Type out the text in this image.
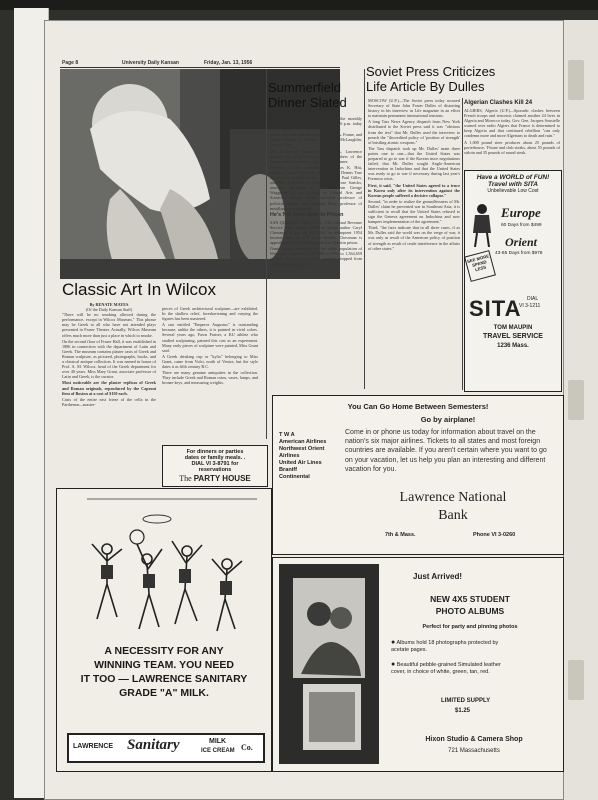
Page 8	University Daily Kansan	Friday, Jan. 13, 1956
Classic Art In Wilcox
By RENATE MAYES
(Of the Daily Kansan Staff)

"There will be no smoking allowed during the performance, except in Wilcox Museum." This phrase may be Greek to all who have not attended plays presented in Fraser Theater. Actually, Wilcox Museum offers much more than just a place in which to smoke.

On the second floor of Fraser Hall, it was established in 1886 in connection with the department of Latin and Greek. The museum contains plaster casts of Greek and Roman sculpture, as pictured, photographs, books, and a classical antique collection. It was named in honor of Prof. A. M. Wilcox, head of the Greek department for over 40 years. Miss Mary Grant, associate professor of Latin and Greek, is the curator.

Most noticeable are the plaster replicas of Greek and Roman originals, reproduced by the Caproni firm of Boston at a cost of $150 each.

Casts of the entire east frieze of the cella in the Parthenon—master-

pieces of Greek architectural sculpture—are exhibited. In the shallow relief, foreshortening and varying the figures has been mastered.

A cast entitled "Emperor Augustus" is outstanding because, unlike the others, it is painted in vivid colors. Several years ago, Fawn Fraiser, a KU athlete who studied sculpturing, painted this cast as an experiment. Many early pieces of sculpture were painted, Miss Grant said.

A Greek drinking cup or "kylix" belonging to Miss Grant, came from Vulci, north of Venice, but the style dates it as fifth century B.C.

There are many genuine antiquities in the collection. They include Greek and Roman coins, vases, lamps, and bronze keys, and measuring weights.

For dinners or parties
dates or family meals. .
DIAL VI 3-8791 for
reservations
The PARTY HOUSE
A NECESSITY FOR ANY
WINNING TEAM. YOU NEED
IT TOO — LAWRENCE SANITARY
GRADE "A" MILK.
LAWRENCE Sanitary	MILK
ICE CREAM Co.
Summerfield
Dinner Slated

Three seniors will present papers at the monthly meeting of the Summerfield Scholars at 6 p.m. today in the English Room of the Kansas Union.

Those who will read themes are Dwight A. Frame, and James Callahan of Wichita, and James McLaughlin, Omaha, Neb.

The University Summerfield scholars, Lawrence alumni who were scholars, and members of the Summerfield committee will attend the dinner.

Members of the committee are James K. Hitt, registrar; Donald Alderson, dean of men; Dennis True Bloodgood, director of aids and awards; Paul Gilles, associate professor of chemistry; Ambrose Saricks, associate professor of history; Dean George Waggoner, of the College of Liberal Arts and Sciences; Francis Heller, associate professor of political science, and Kenneth Rose, professor of metallurgical engineering.

He's Not Even Safe In Prison

SAN QUENTIN, Calif. (U.P.)—The Internal Revenue Service today served notice on prison author Caryl Chessman to pay up $3,432.62 in delinquent 1954 income taxes or he'll be in trouble. Chessman is appealing a death sentence from San Quentin prison.

Game experts estimated that the rabbit population of Wisconsin rose from 1,000,990 in 1954 to 1,364,659 in 1955. In the same period, squirrels dropped from 1,552,856 to 1,357,310.

Soviet Press Criticizes
Life Article By Dulles

MOSCOW (U.P.)—The Soviet press today accused Secretary of State John Foster Dulles of distorting history in his interview in Life magazine in an effort to maintain permanent international tensions.

A long Tass News Agency dispatch from New York distributed to the Soviet press said it was "obvious from the text" that Mr. Dulles used the interview to preach the "discredited policy of 'position of strength' of bristling atomic weapons."

The Tass dispatch took up Mr. Dulles' main three points one to one—that the United States was prepared to go to war if the Korean truce negotiations failed; that Mr. Dulles sought Anglo-American intervention in Indochina and that the United States was ready to go to war if necessary during last year's Formosa crisis.

First, it said, "the United States agreed to a truce in Korea only after its intervention against the Korean people suffered a decisive collapse."

Second, "in order to realize the groundlessness of Mr. Dulles' claim he prevented war in Southeast Asia, it is sufficient to recall that the United States refused to sign the Geneva agreement on Indochina and now hampers implementation of the agreement."

Third, "the facts indicate that in all three cases, if as Mr. Dulles said the world was on the verge of war, it was only as result of the American policy of position of strength as result of crude interference in the affairs of other states."

Algerian Clashes Kill 24

ALGIERS, Algeria (U.P.)—Sporadic clashes between French troops and terrorists claimed another 24 lives in Algeria and Morocco today. Gov. Gen. Jacques Soustelle warned over radio Algiers that France is determined to keep Algeria and that continued rebellion "can only condemn more and more Algerians to death and ruin."

A 1,000 pound steer produces about 25 pounds of porterhouse, T-bone and club steaks, about 55 pounds of sirloin and 35 pounds of round steak.

Have a WORLD of FUN!
Travel with SITA
Unbelievable Low Cost
Europe
60 Days from $499
Orient
43-65 Days from $978
SEE MORE SPEND LESS
SITA DIAL
VI 3-1211
TOM MAUPIN
TRAVEL SERVICE
1236 Mass.
You Can Go Home Between Semesters!
Go by airplane!
T W A
American Airlines
Northwest Orient Airlines
United Air Lines
Braniff
Continental
Come in or phone us today for information about travel on the nation's six major airlines. Tickets to all states and most foreign countries are available. If you aren't certain where you want to go on your vacation, let us help you plan an interesting and different vacation for you.
Lawrence National
Bank
7th & Mass.	Phone VI 3-0260
Just Arrived!
NEW 4X5 STUDENT
PHOTO ALBUMS
Perfect for party and pinning photos
● Albums hold 18 photographs protected by acetate pages.
● Beautiful pebble-grained Simulated leather cover, in choice of white, green, tan, red.
LIMITED SUPPLY
$1.25
Hixon Studio & Camera Shop
721 Massachusetts
